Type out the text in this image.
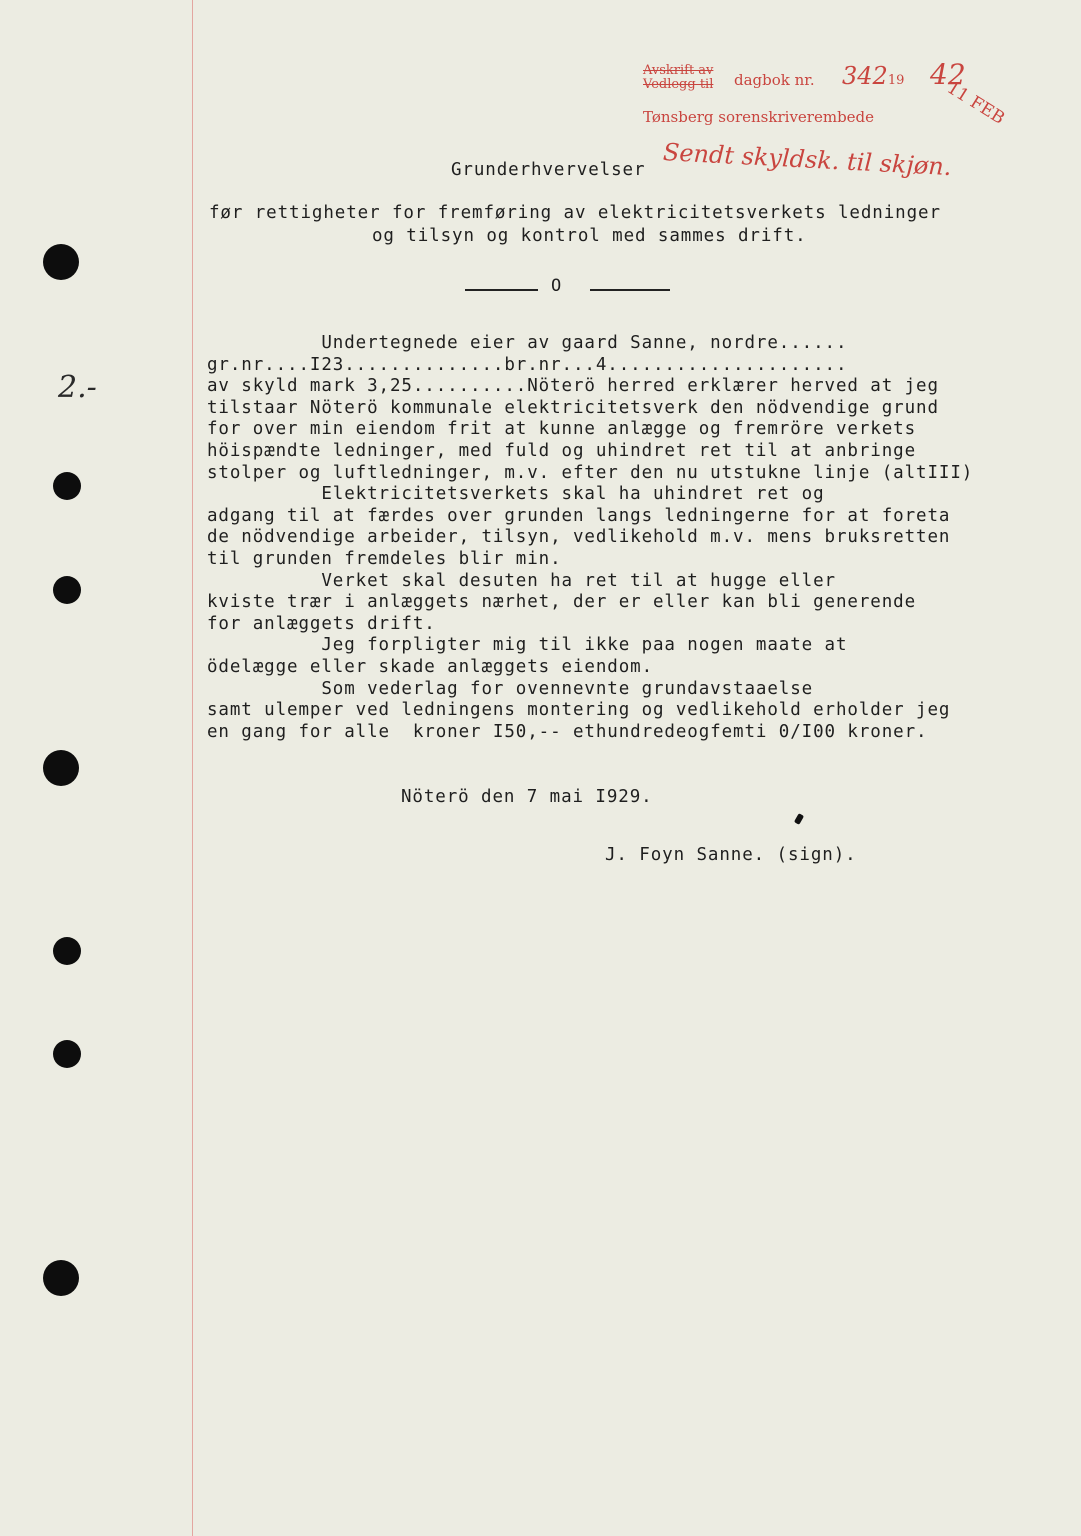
Avskrift av
Vedlegg til dagbok nr. 34219 42
11 FEB
Tønsberg sorenskriverembede
Sendt skyldsk. til skjøn.
2.-
Grunderhvervelser
før rettigheter for fremføring av elektricitetsverkets ledninger
og tilsyn og kontrol med sammes drift.
O
Undertegnede eier av gaard Sanne, nordre......
gr.nr....I23..............br.nr...4.....................
av skyld mark 3,25..........Nöterö herred erklærer herved at jeg
tilstaar Nöterö kommunale elektricitetsverk den nödvendige grund
for over min eiendom frit at kunne anlægge og fremröre verkets
höispændte ledninger, med fuld og uhindret ret til at anbringe
stolper og luftledninger, m.v. efter den nu utstukne linje (altIII)
Elektricitetsverkets skal ha uhindret ret og
adgang til at færdes over grunden langs ledningerne for at foreta
de nödvendige arbeider, tilsyn, vedlikehold m.v. mens bruksretten
til grunden fremdeles blir min.
Verket skal desuten ha ret til at hugge eller
kviste trær i anlæggets nærhet, der er eller kan bli generende
for anlæggets drift.
Jeg forpligter mig til ikke paa nogen maate at
ödelægge eller skade anlæggets eiendom.
Som vederlag for ovennevnte grundavstaaelse
samt ulemper ved ledningens montering og vedlikehold erholder jeg
en gang for alle  kroner I50,-- ethundredeogfemti 0/I00 kroner.
Nöterö den 7 mai I929.
J. Foyn Sanne. (sign).
